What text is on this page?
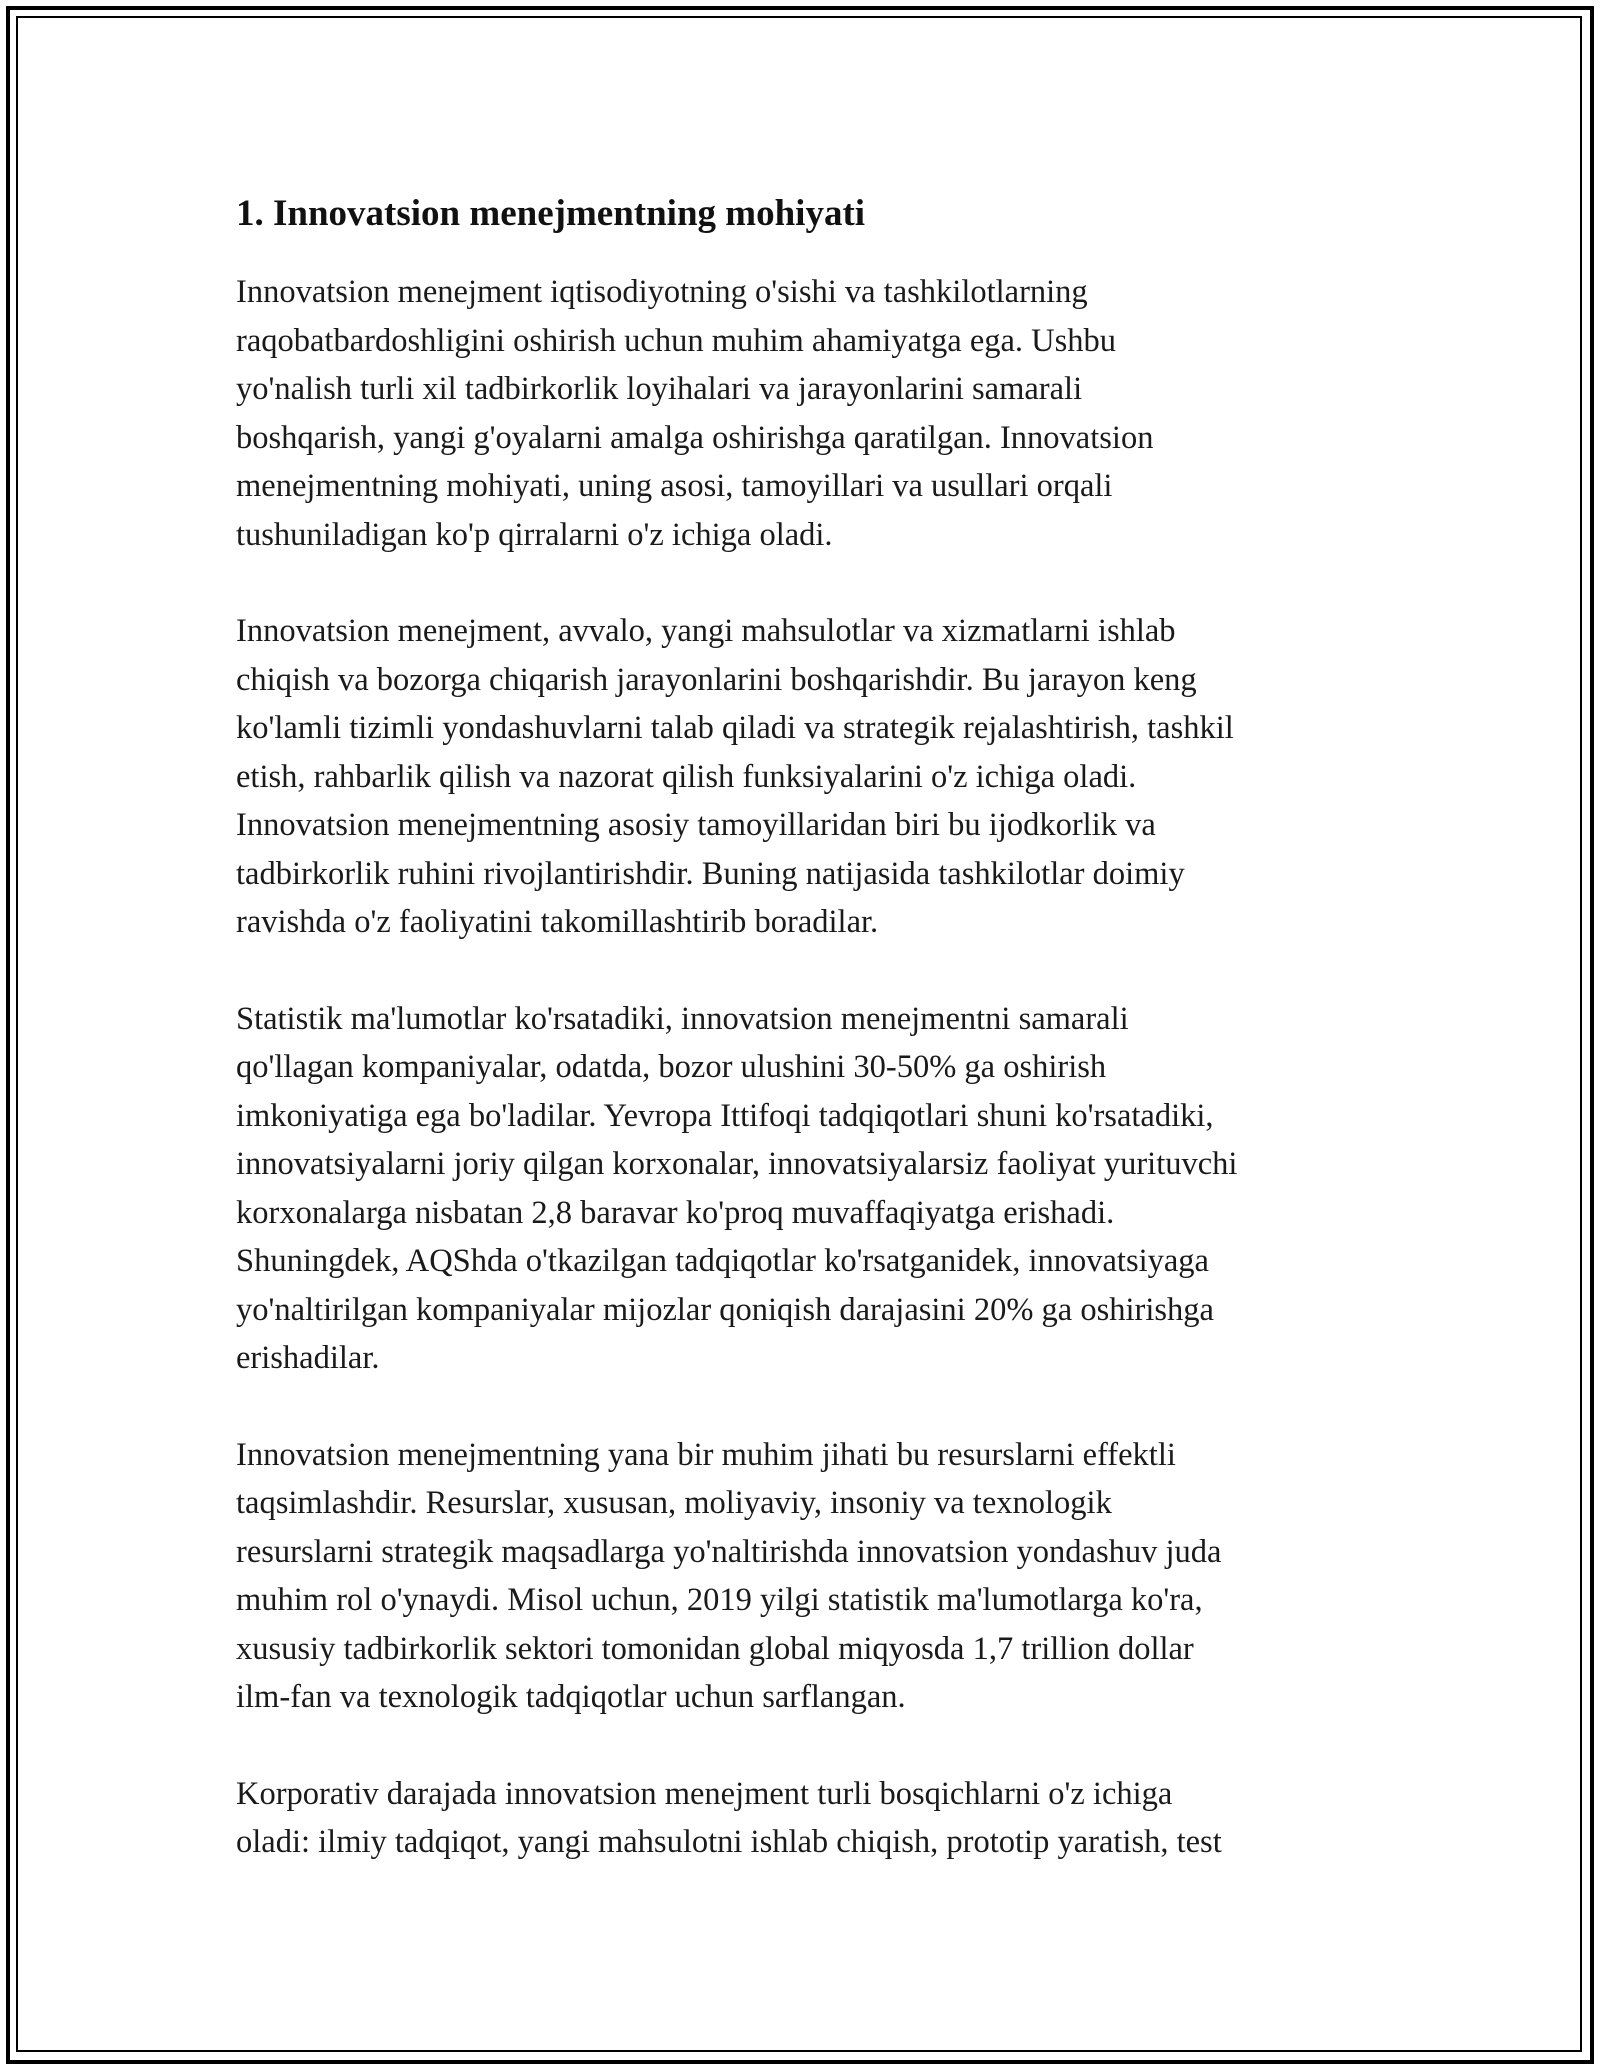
1. Innovatsion menejmentning mohiyati

Innovatsion menejment iqtisodiyotning o'sishi va tashkilotlarning
raqobatbardoshligini oshirish uchun muhim ahamiyatga ega. Ushbu
yo'nalish turli xil tadbirkorlik loyihalari va jarayonlarini samarali
boshqarish, yangi g'oyalarni amalga oshirishga qaratilgan. Innovatsion
menejmentning mohiyati, uning asosi, tamoyillari va usullari orqali
tushuniladigan ko'p qirralarni o'z ichiga oladi.

Innovatsion menejment, avvalo, yangi mahsulotlar va xizmatlarni ishlab
chiqish va bozorga chiqarish jarayonlarini boshqarishdir. Bu jarayon keng
ko'lamli tizimli yondashuvlarni talab qiladi va strategik rejalashtirish, tashkil
etish, rahbarlik qilish va nazorat qilish funksiyalarini o'z ichiga oladi.
Innovatsion menejmentning asosiy tamoyillaridan biri bu ijodkorlik va
tadbirkorlik ruhini rivojlantirishdir. Buning natijasida tashkilotlar doimiy
ravishda o'z faoliyatini takomillashtirib boradilar.

Statistik ma'lumotlar ko'rsatadiki, innovatsion menejmentni samarali
qo'llagan kompaniyalar, odatda, bozor ulushini 30-50% ga oshirish
imkoniyatiga ega bo'ladilar. Yevropa Ittifoqi tadqiqotlari shuni ko'rsatadiki,
innovatsiyalarni joriy qilgan korxonalar, innovatsiyalarsiz faoliyat yurituvchi
korxonalarga nisbatan 2,8 baravar ko'proq muvaffaqiyatga erishadi.
Shuningdek, AQShda o'tkazilgan tadqiqotlar ko'rsatganidek, innovatsiyaga
yo'naltirilgan kompaniyalar mijozlar qoniqish darajasini 20% ga oshirishga
erishadilar.

Innovatsion menejmentning yana bir muhim jihati bu resurslarni effektli
taqsimlashdir. Resurslar, xususan, moliyaviy, insoniy va texnologik
resurslarni strategik maqsadlarga yo'naltirishda innovatsion yondashuv juda
muhim rol o'ynaydi. Misol uchun, 2019 yilgi statistik ma'lumotlarga ko'ra,
xususiy tadbirkorlik sektori tomonidan global miqyosda 1,7 trillion dollar
ilm-fan va texnologik tadqiqotlar uchun sarflangan.

Korporativ darajada innovatsion menejment turli bosqichlarni o'z ichiga
oladi: ilmiy tadqiqot, yangi mahsulotni ishlab chiqish, prototip yaratish, test
